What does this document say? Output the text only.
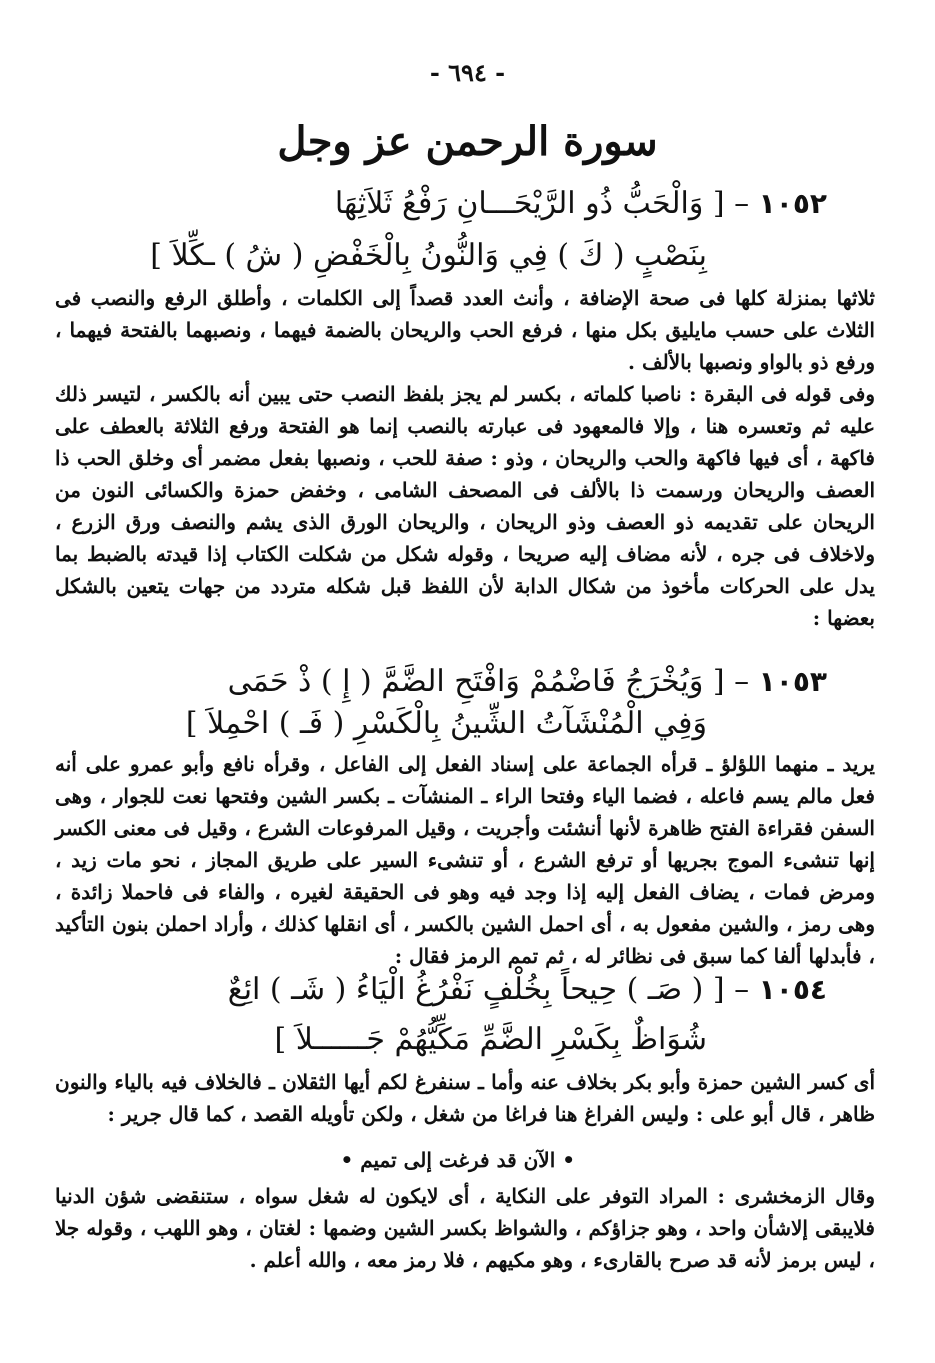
- ٦٩٤ -
سورة الرحمن عز وجل
١٠٥٢ – [ وَالْحَبُّ ذُو الرَّيْحَـــانِ رَفْعُ ثَلاَثِهَا
بِنَصْبٍ ( كَ ) فِي وَالنُّونُ بِالْخَفْضِ ( شُ ) ـكِّلاَ ]

ثلاثها بمنزلة كلها فى صحة الإضافة ، وأنث العدد قصداً إلى الكلمات ، وأطلق الرفع والنصب فى الثلاث على حسب مايليق بكل منها ، فرفع الحب والريحان بالضمة فيهما ، ونصبهما بالفتحة فيهما ، ورفع ذو بالواو ونصبها بالألف .

وفى قوله فى البقرة : ناصبا كلماته ، بكسر لم يجز بلفظ النصب حتى يبين أنه بالكسر ، لتيسر ذلك عليه ثم وتعسره هنا ، وإلا فالمعهود فى عبارته بالنصب إنما هو الفتحة ورفع الثلاثة بالعطف على فاكهة ، أى فيها فاكهة والحب والريحان ، وذو : صفة للحب ، ونصبها بفعل مضمر أى وخلق الحب ذا العصف والريحان ورسمت ذا بالألف فى المصحف الشامى ، وخفض حمزة والكسائى النون من الريحان على تقديمه ذو العصف وذو الريحان ، والريحان الورق الذى يشم والنصف ورق الزرع ، ولاخلاف فى جره ، لأنه مضاف إليه صريحا ، وقوله شكل من شكلت الكتاب إذا قيدته بالضبط بما يدل على الحركات مأخوذ من شكال الدابة لأن اللفظ قبل شكله متردد من جهات يتعين بالشكل بعضها :

١٠٥٣ – [ وَيُخْرَجُ فَاضْمُمْ وَافْتَحِ الضَّمَّ ( إِ ) ذْ حَمَى
وَفِي الْمُنْشَآتُ الشِّينُ بِالْكَسْرِ ( فَـ ) احْمِلاَ ]

يريد ـ منهما اللؤلؤ ـ قرأه الجماعة على إسناد الفعل إلى الفاعل ، وقرأه نافع وأبو عمرو على أنه فعل مالم يسم فاعله ، فضما الياء وفتحا الراء ـ المنشآت ـ بكسر الشين وفتحها نعت للجوار ، وهى السفن فقراءة الفتح ظاهرة لأنها أنشئت وأجريت ، وقيل المرفوعات الشرع ، وقيل فى معنى الكسر إنها تنشىء الموج بجريها أو ترفع الشرع ، أو تنشىء السير على طريق المجاز ، نحو مات زيد ، ومرض فمات ، يضاف الفعل إليه إذا وجد فيه وهو فى الحقيقة لغيره ، والفاء فى فاحملا زائدة ، وهى رمز ، والشين مفعول به ، أى احمل الشين بالكسر ، أى انقلها كذلك ، وأراد احملن بنون التأكيد ، فأبدلها ألفا كما سبق فى نظائر له ، ثم تمم الرمز فقال :

١٠٥٤ – [ ( صَـ ) حِيحاً بِخُلْفٍ نَفْرُغُ الْيَاءُ ( شَـ ) ائِعٌ
شُوَاظٌ بِكَسْرِ الضَّمِّ مَكِّيُّهُمْ جَــــــلاَ ]

أى كسر الشين حمزة وأبو بكر بخلاف عنه وأما ـ سنفرغ لكم أيها الثقلان ـ فالخلاف فيه بالياء والنون ظاهر ، قال أبو على : وليس الفراغ هنا فراغا من شغل ، ولكن تأويله القصد ، كما قال جرير :

• الآن قد فرغت إلى تميم •

وقال الزمخشرى : المراد التوفر على النكاية ، أى لايكون له شغل سواه ، ستنقضى شؤن الدنيا فلايبقى إلاشأن واحد ، وهو جزاؤكم ، والشواظ بكسر الشين وضمها : لغتان ، وهو اللهب ، وقوله جلا ، ليس برمز لأنه قد صرح بالقارىء ، وهو مكيهم ، فلا رمز معه ، والله أعلم .
